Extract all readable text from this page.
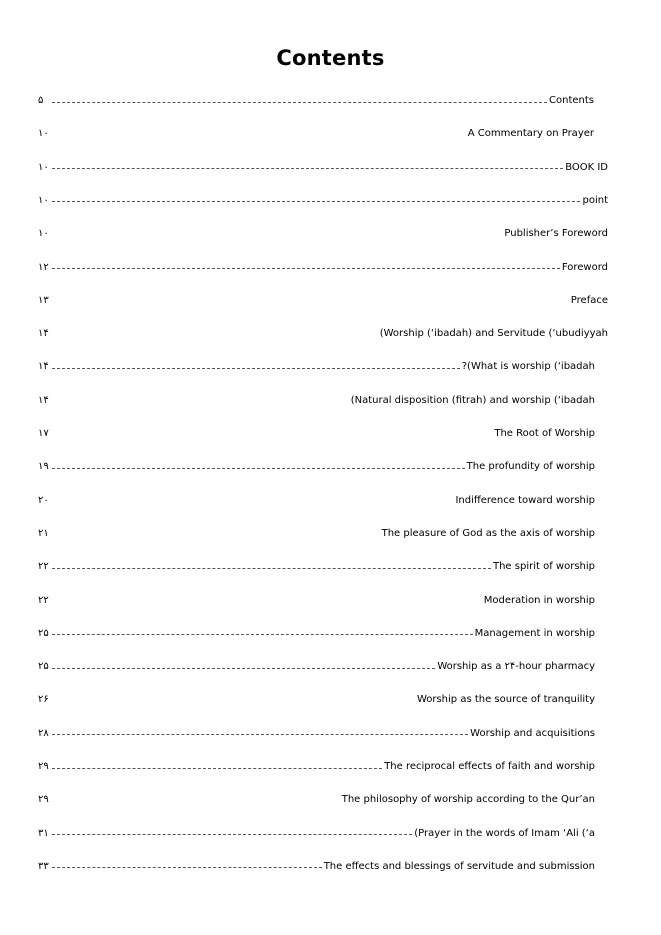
Contents
۵	Contents
۱۰	A Commentary on Prayer
۱۰	BOOK ID
۱۰	point
۱۰	Publisher’s Foreword
۱۲	Foreword
۱۳	Preface
۱۴	(Worship (‘ibadah) and Servitude (‘ubudiyyah
۱۴	?(What is worship (‘ibadah
۱۴	(Natural disposition (fitrah) and worship (‘ibadah
۱۷	The Root of Worship
۱۹	The profundity of worship
۲۰	Indifference toward worship
۲۱	The pleasure of God as the axis of worship
۲۲	The spirit of worship
۲۲	Moderation in worship
۲۵	Management in worship
۲۵	Worship as a ۲۴-hour pharmacy
۲۶	Worship as the source of tranquility
۲۸	Worship and acquisitions
۲۹	The reciprocal effects of faith and worship
۲۹	The philosophy of worship according to the Qur’an
۳۱	(Prayer in the words of Imam ‘Ali (‘a
۳۳	The effects and blessings of servitude and submission
